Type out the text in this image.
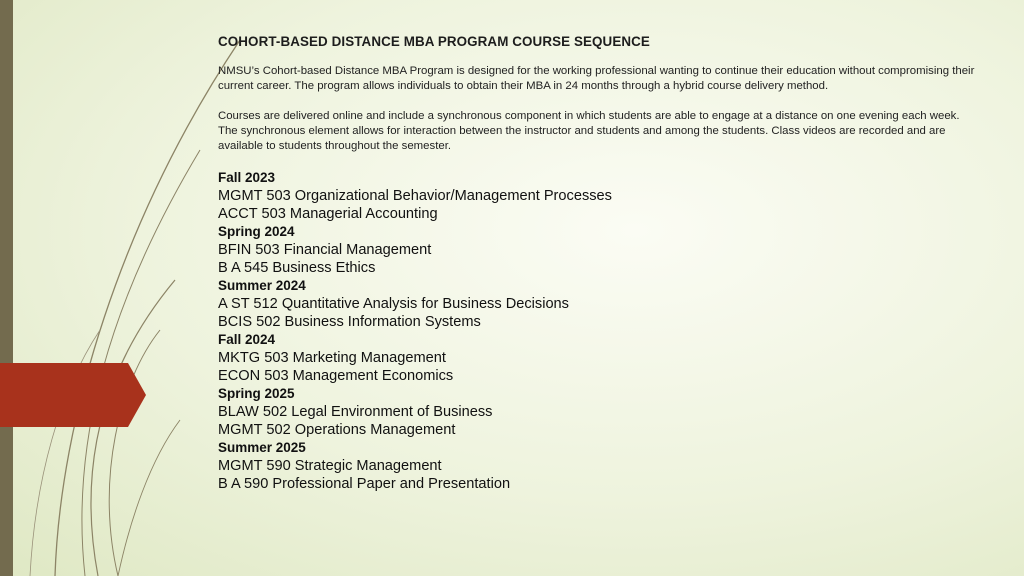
COHORT-BASED DISTANCE MBA PROGRAM COURSE SEQUENCE

NMSU’s Cohort-based Distance MBA Program is designed for the working professional wanting to continue their education without compromising their current career. The program allows individuals to obtain their MBA in 24 months through a hybrid course delivery method.

Courses are delivered online and include a synchronous component in which students are able to engage at a distance on one evening each week. The synchronous element allows for interaction between the instructor and students and among the students. Class videos are recorded and are available to students throughout the semester.

Fall 2023
MGMT 503 Organizational Behavior/Management Processes
ACCT 503 Managerial Accounting
Spring 2024
BFIN 503 Financial Management
B A 545 Business Ethics
Summer 2024
A ST 512 Quantitative Analysis for Business Decisions
BCIS 502 Business Information Systems
Fall 2024
MKTG 503 Marketing Management
ECON 503 Management Economics
Spring 2025
BLAW 502 Legal Environment of Business
MGMT 502 Operations Management
Summer 2025
MGMT 590 Strategic Management
B A 590 Professional Paper and Presentation
